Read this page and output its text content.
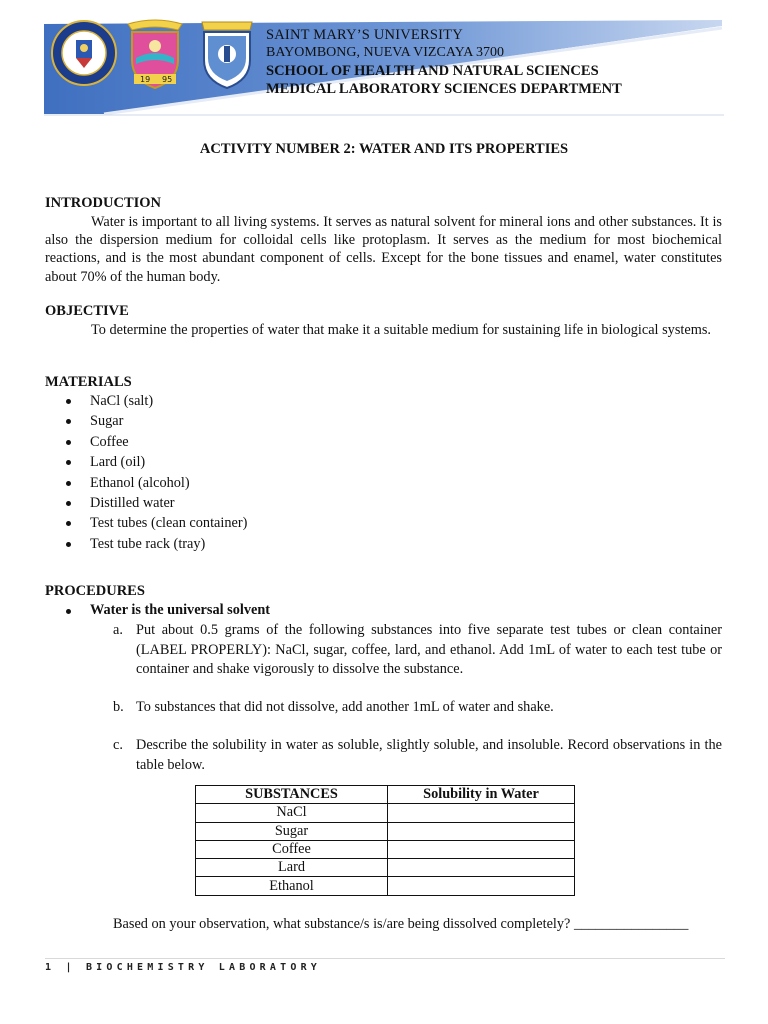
19 95
SAINT MARY’S UNIVERSITY
BAYOMBONG, NUEVA VIZCAYA 3700
SCHOOL OF HEALTH AND NATURAL SCIENCES
MEDICAL LABORATORY SCIENCES DEPARTMENT
ACTIVITY NUMBER 2: WATER AND ITS PROPERTIES
INTRODUCTION

Water is important to all living systems. It serves as natural solvent for mineral ions and other substances. It is also the dispersion medium for colloidal cells like protoplasm. It serves as the medium for most biochemical reactions, and is the most abundant component of cells. Except for the bone tissues and enamel, water constitutes about 70% of the human body.

OBJECTIVE

To determine the properties of water that make it a suitable medium for sustaining life in biological systems.

MATERIALS
NaCl (salt)
Sugar
Coffee
Lard (oil)
Ethanol (alcohol)
Distilled water
Test tubes (clean container)
Test tube rack (tray)
PROCEDURES
Water is the universal solvent
a. Put about 0.5 grams of the following substances into five separate test tubes or clean container (LABEL PROPERLY): NaCl, sugar, coffee, lard, and ethanol. Add 1mL of water to each test tube or container and shake vigorously to dissolve the substance.
b. To substances that did not dissolve, add another 1mL of water and shake.
c. Describe the solubility in water as soluble, slightly soluble, and insoluble. Record observations in the table below.
SUBSTANCES	Solubility in Water
NaCl	
Sugar	
Coffee	
Lard	
Ethanol	
Based on your observation, what substance/s is/are being dissolved completely? ________________
1 | BIOCHEMISTRY LABORATORY
